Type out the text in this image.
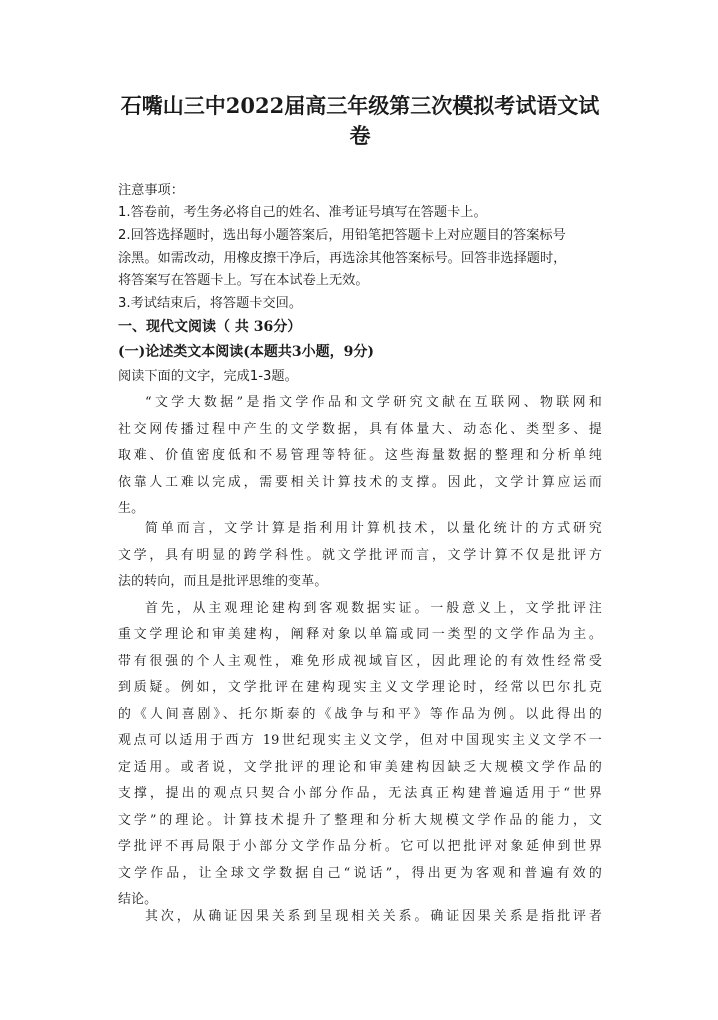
石嘴山三中2022届高三年级第三次模拟考试语文试
卷
注意事项：
1.答卷前，考生务必将自己的姓名、准考证号填写在答题卡上。
2.回答选择题时，选出每小题答案后，用铅笔把答题卡上对应题目的答案标号
涂黑。如需改动，用橡皮擦干净后，再选涂其他答案标号。回答非选择题时，
将答案写在答题卡上。写在本试卷上无效。
3.考试结束后，将答题卡交回。
一、现代文阅读（ 共 36分）
(一)论述类文本阅读(本题共3小题，9分)
阅读下面的文字，完成1-3题。
“文学大数据”是指文学作品和文学研究文献在互联网、物联网和
社交网传播过程中产生的文学数据，具有体量大、动态化、类型多、提
取难、价值密度低和不易管理等特征。这些海量数据的整理和分析单纯
依靠人工难以完成，需要相关计算技术的支撑。因此，文学计算应运而
生。
简单而言，文学计算是指利用计算机技术，以量化统计的方式研究
文学，具有明显的跨学科性。就文学批评而言，文学计算不仅是批评方
法的转向，而且是批评思维的变革。
首先，从主观理论建构到客观数据实证。一般意义上，文学批评注
重文学理论和审美建构，阐释对象以单篇或同一类型的文学作品为主。
带有很强的个人主观性，难免形成视域盲区，因此理论的有效性经常受
到质疑。例如，文学批评在建构现实主义文学理论时，经常以巴尔扎克
的《人间喜剧》、托尔斯泰的《战争与和平》等作品为例。以此得出的
观点可以适用于西方 19世纪现实主义文学，但对中国现实主义文学不一
定适用。或者说，文学批评的理论和审美建构因缺乏大规模文学作品的
支撑，提出的观点只契合小部分作品，无法真正构建普遍适用于“世界
文学”的理论。计算技术提升了整理和分析大规模文学作品的能力，文
学批评不再局限于小部分文学作品分析。它可以把批评对象延伸到世界
文学作品，让全球文学数据自己“说话”，得出更为客观和普遍有效的
结论。
其次，从确证因果关系到呈现相关关系。确证因果关系是指批评者
